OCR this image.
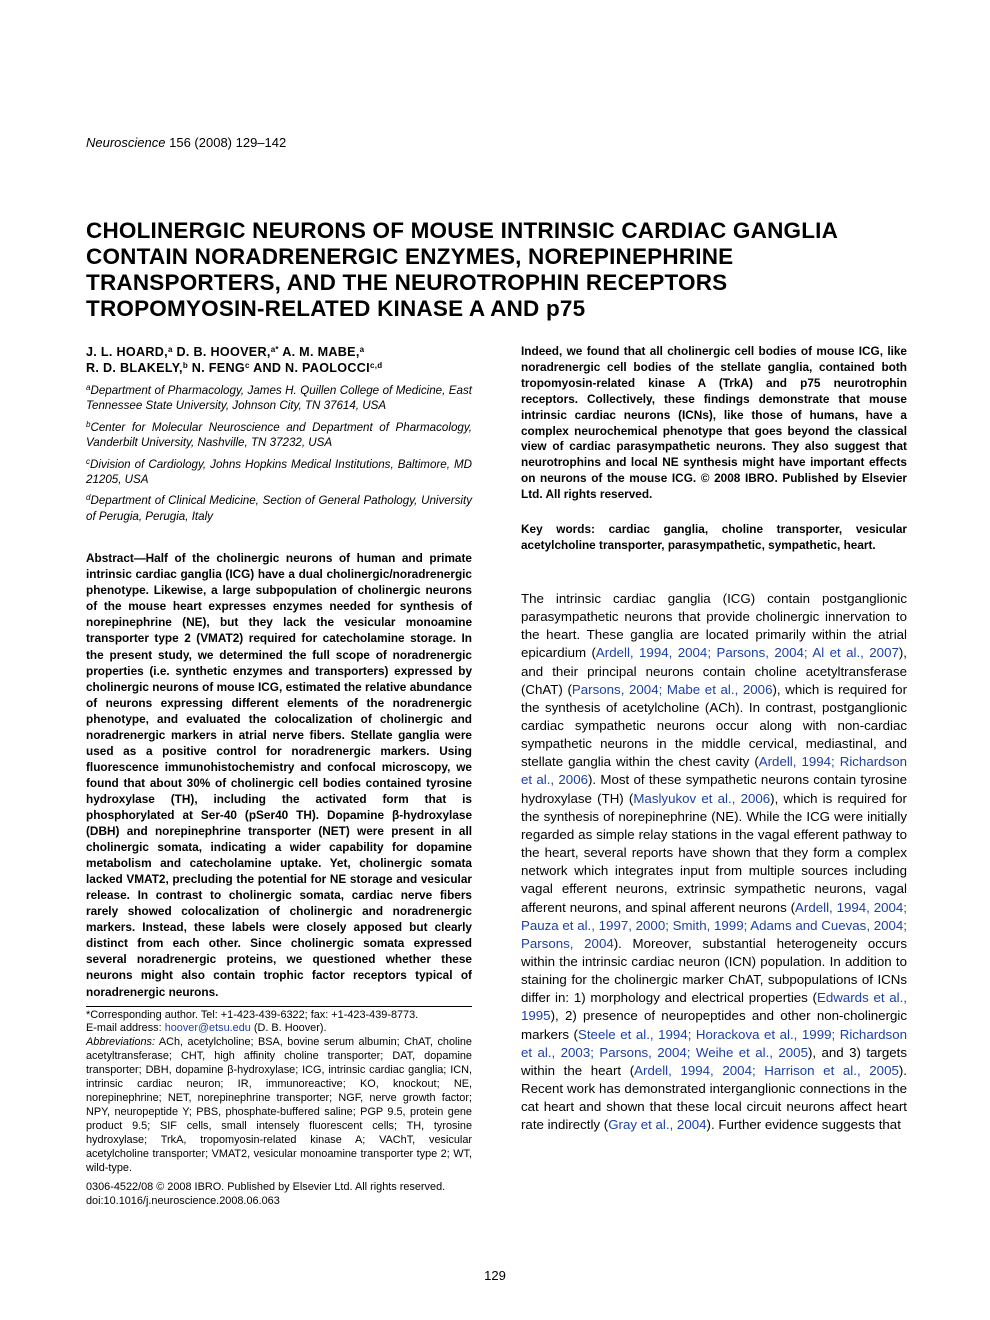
Neuroscience 156 (2008) 129–142
CHOLINERGIC NEURONS OF MOUSE INTRINSIC CARDIAC GANGLIA
CONTAIN NORADRENERGIC ENZYMES, NOREPINEPHRINE
TRANSPORTERS, AND THE NEUROTROPHIN RECEPTORS
TROPOMYOSIN-RELATED KINASE A AND p75
J. L. HOARD,$^a$ D. B. HOOVER,$^{a*}$ A. M. MABE,$^a$
R. D. BLAKELY,$^b$ N. FENG$^c$ AND N. PAOLOCCI$^{c,d}$
$^a$Department of Pharmacology, James H. Quillen College of Medicine, East Tennessee State University, Johnson City, TN 37614, USA
$^b$Center for Molecular Neuroscience and Department of Pharmacology, Vanderbilt University, Nashville, TN 37232, USA
$^c$Division of Cardiology, Johns Hopkins Medical Institutions, Baltimore, MD 21205, USA
$^d$Department of Clinical Medicine, Section of General Pathology, University of Perugia, Perugia, Italy
Abstract—Half of the cholinergic neurons of human and primate intrinsic cardiac ganglia (ICG) have a dual cholinergic/noradrenergic phenotype. Likewise, a large subpopulation of cholinergic neurons of the mouse heart expresses enzymes needed for synthesis of norepinephrine (NE), but they lack the vesicular monoamine transporter type 2 (VMAT2) required for catecholamine storage. In the present study, we determined the full scope of noradrenergic properties (i.e. synthetic enzymes and transporters) expressed by cholinergic neurons of mouse ICG, estimated the relative abundance of neurons expressing different elements of the noradrenergic phenotype, and evaluated the colocalization of cholinergic and noradrenergic markers in atrial nerve fibers. Stellate ganglia were used as a positive control for noradrenergic markers. Using fluorescence immunohistochemistry and confocal microscopy, we found that about 30% of cholinergic cell bodies contained tyrosine hydroxylase (TH), including the activated form that is phosphorylated at Ser-40 (pSer40 TH). Dopamine β-hydroxylase (DBH) and norepinephrine transporter (NET) were present in all cholinergic somata, indicating a wider capability for dopamine metabolism and catecholamine uptake. Yet, cholinergic somata lacked VMAT2, precluding the potential for NE storage and vesicular release. In contrast to cholinergic somata, cardiac nerve fibers rarely showed colocalization of cholinergic and noradrenergic markers. Instead, these labels were closely apposed but clearly distinct from each other. Since cholinergic somata expressed several noradrenergic proteins, we questioned whether these neurons might also contain trophic factor receptors typical of noradrenergic neurons.
*Corresponding author. Tel: +1-423-439-6322; fax: +1-423-439-8773.
E-mail address: hoover@etsu.edu (D. B. Hoover).
Abbreviations: ACh, acetylcholine; BSA, bovine serum albumin; ChAT, choline acetyltransferase; CHT, high affinity choline transporter; DAT, dopamine transporter; DBH, dopamine β-hydroxylase; ICG, intrinsic cardiac ganglia; ICN, intrinsic cardiac neuron; IR, immunoreactive; KO, knockout; NE, norepinephrine; NET, norepinephrine transporter; NGF, nerve growth factor; NPY, neuropeptide Y; PBS, phosphate-buffered saline; PGP 9.5, protein gene product 9.5; SIF cells, small intensely fluorescent cells; TH, tyrosine hydroxylase; TrkA, tropomyosin-related kinase A; VAChT, vesicular acetylcholine transporter; VMAT2, vesicular monoamine transporter type 2; WT, wild-type.
0306-4522/08 © 2008 IBRO. Published by Elsevier Ltd. All rights reserved.
doi:10.1016/j.neuroscience.2008.06.063
Indeed, we found that all cholinergic cell bodies of mouse ICG, like noradrenergic cell bodies of the stellate ganglia, contained both tropomyosin-related kinase A (TrkA) and p75 neurotrophin receptors. Collectively, these findings demonstrate that mouse intrinsic cardiac neurons (ICNs), like those of humans, have a complex neurochemical phenotype that goes beyond the classical view of cardiac parasympathetic neurons. They also suggest that neurotrophins and local NE synthesis might have important effects on neurons of the mouse ICG. © 2008 IBRO. Published by Elsevier Ltd. All rights reserved.
Key words: cardiac ganglia, choline transporter, vesicular acetylcholine transporter, parasympathetic, sympathetic, heart.
The intrinsic cardiac ganglia (ICG) contain postganglionic parasympathetic neurons that provide cholinergic innervation to the heart. These ganglia are located primarily within the atrial epicardium (Ardell, 1994, 2004; Parsons, 2004; Al et al., 2007), and their principal neurons contain choline acetyltransferase (ChAT) (Parsons, 2004; Mabe et al., 2006), which is required for the synthesis of acetylcholine (ACh). In contrast, postganglionic cardiac sympathetic neurons occur along with non-cardiac sympathetic neurons in the middle cervical, mediastinal, and stellate ganglia within the chest cavity (Ardell, 1994; Richardson et al., 2006). Most of these sympathetic neurons contain tyrosine hydroxylase (TH) (Maslyukov et al., 2006), which is required for the synthesis of norepinephrine (NE). While the ICG were initially regarded as simple relay stations in the vagal efferent pathway to the heart, several reports have shown that they form a complex network which integrates input from multiple sources including vagal efferent neurons, extrinsic sympathetic neurons, vagal afferent neurons, and spinal afferent neurons (Ardell, 1994, 2004; Pauza et al., 1997, 2000; Smith, 1999; Adams and Cuevas, 2004; Parsons, 2004). Moreover, substantial heterogeneity occurs within the intrinsic cardiac neuron (ICN) population. In addition to staining for the cholinergic marker ChAT, subpopulations of ICNs differ in: 1) morphology and electrical properties (Edwards et al., 1995), 2) presence of neuropeptides and other non-cholinergic markers (Steele et al., 1994; Horackova et al., 1999; Richardson et al., 2003; Parsons, 2004; Weihe et al., 2005), and 3) targets within the heart (Ardell, 1994, 2004; Harrison et al., 2005). Recent work has demonstrated interganglionic connections in the cat heart and shown that these local circuit neurons affect heart rate indirectly (Gray et al., 2004). Further evidence suggests that
129
